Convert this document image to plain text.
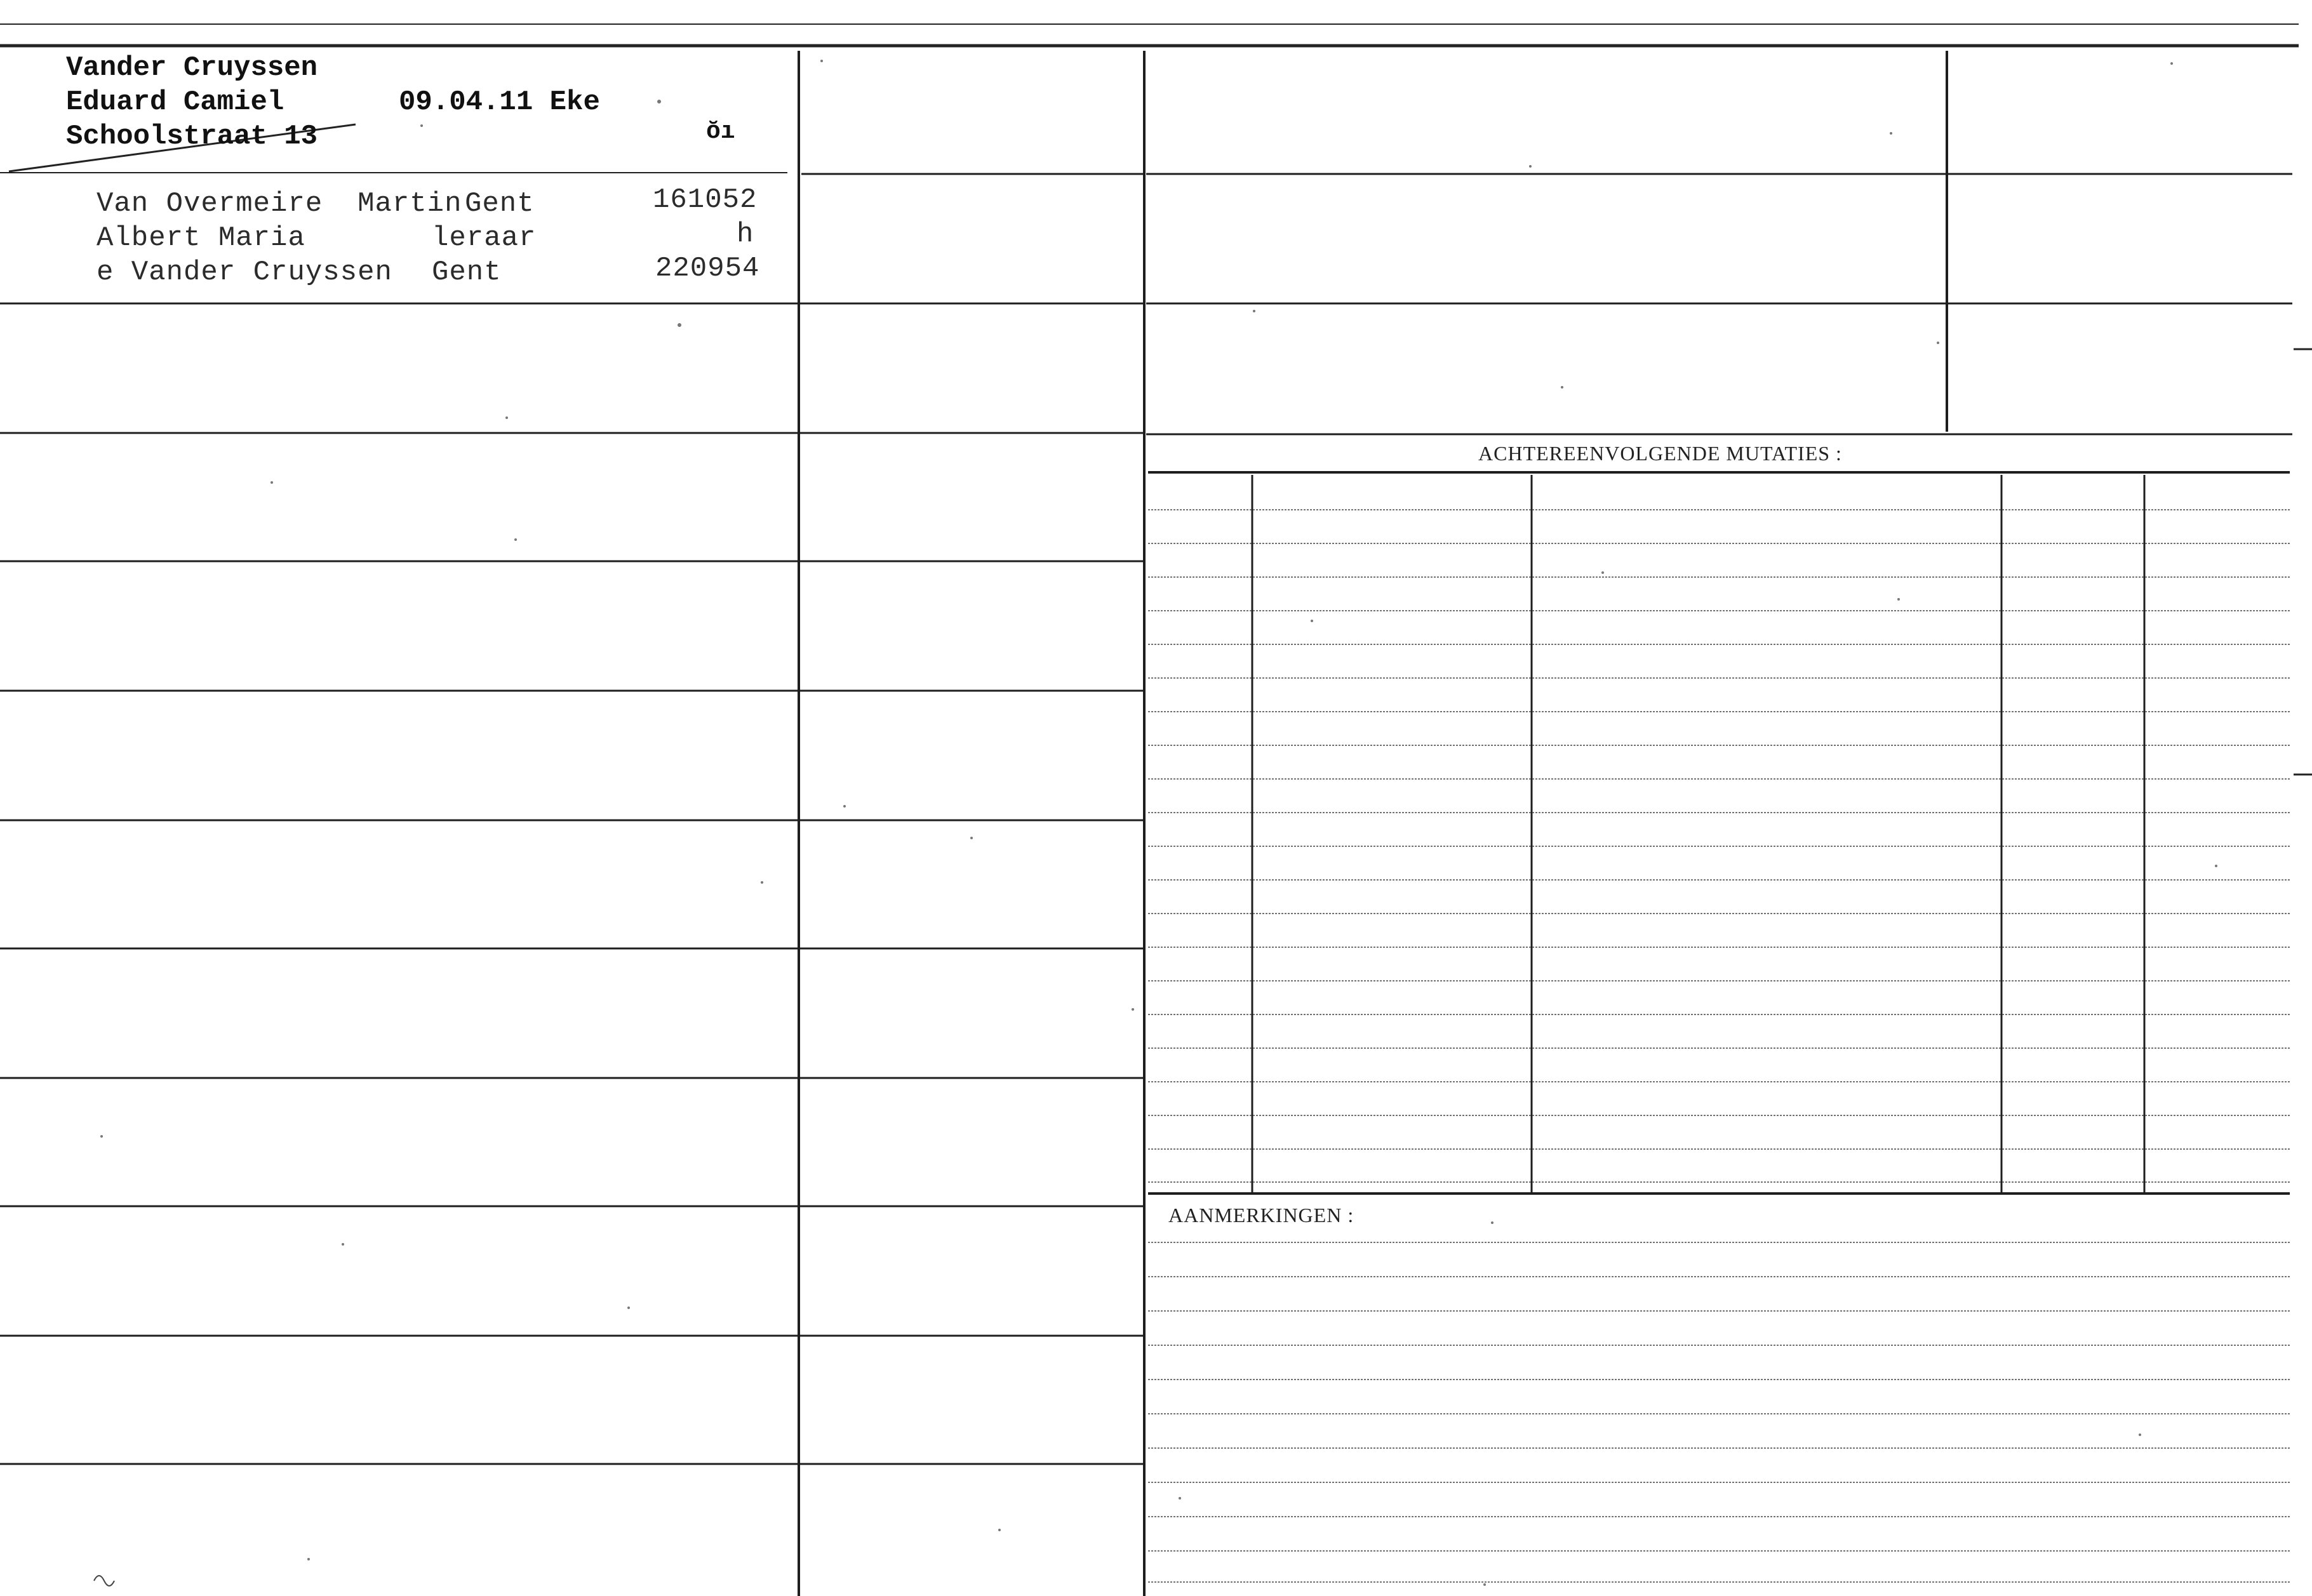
Vander Cruyssen
Eduard Camiel
Schoolstraat 13
09.04.11 Eke
ŏı
Van Overmeire  Martin Gent	161052
Albert Maria	leraar	h
e Vander Cruyssen Gent	220954
ACHTEREENVOLGENDE MUTATIES :
AANMERKINGEN :
